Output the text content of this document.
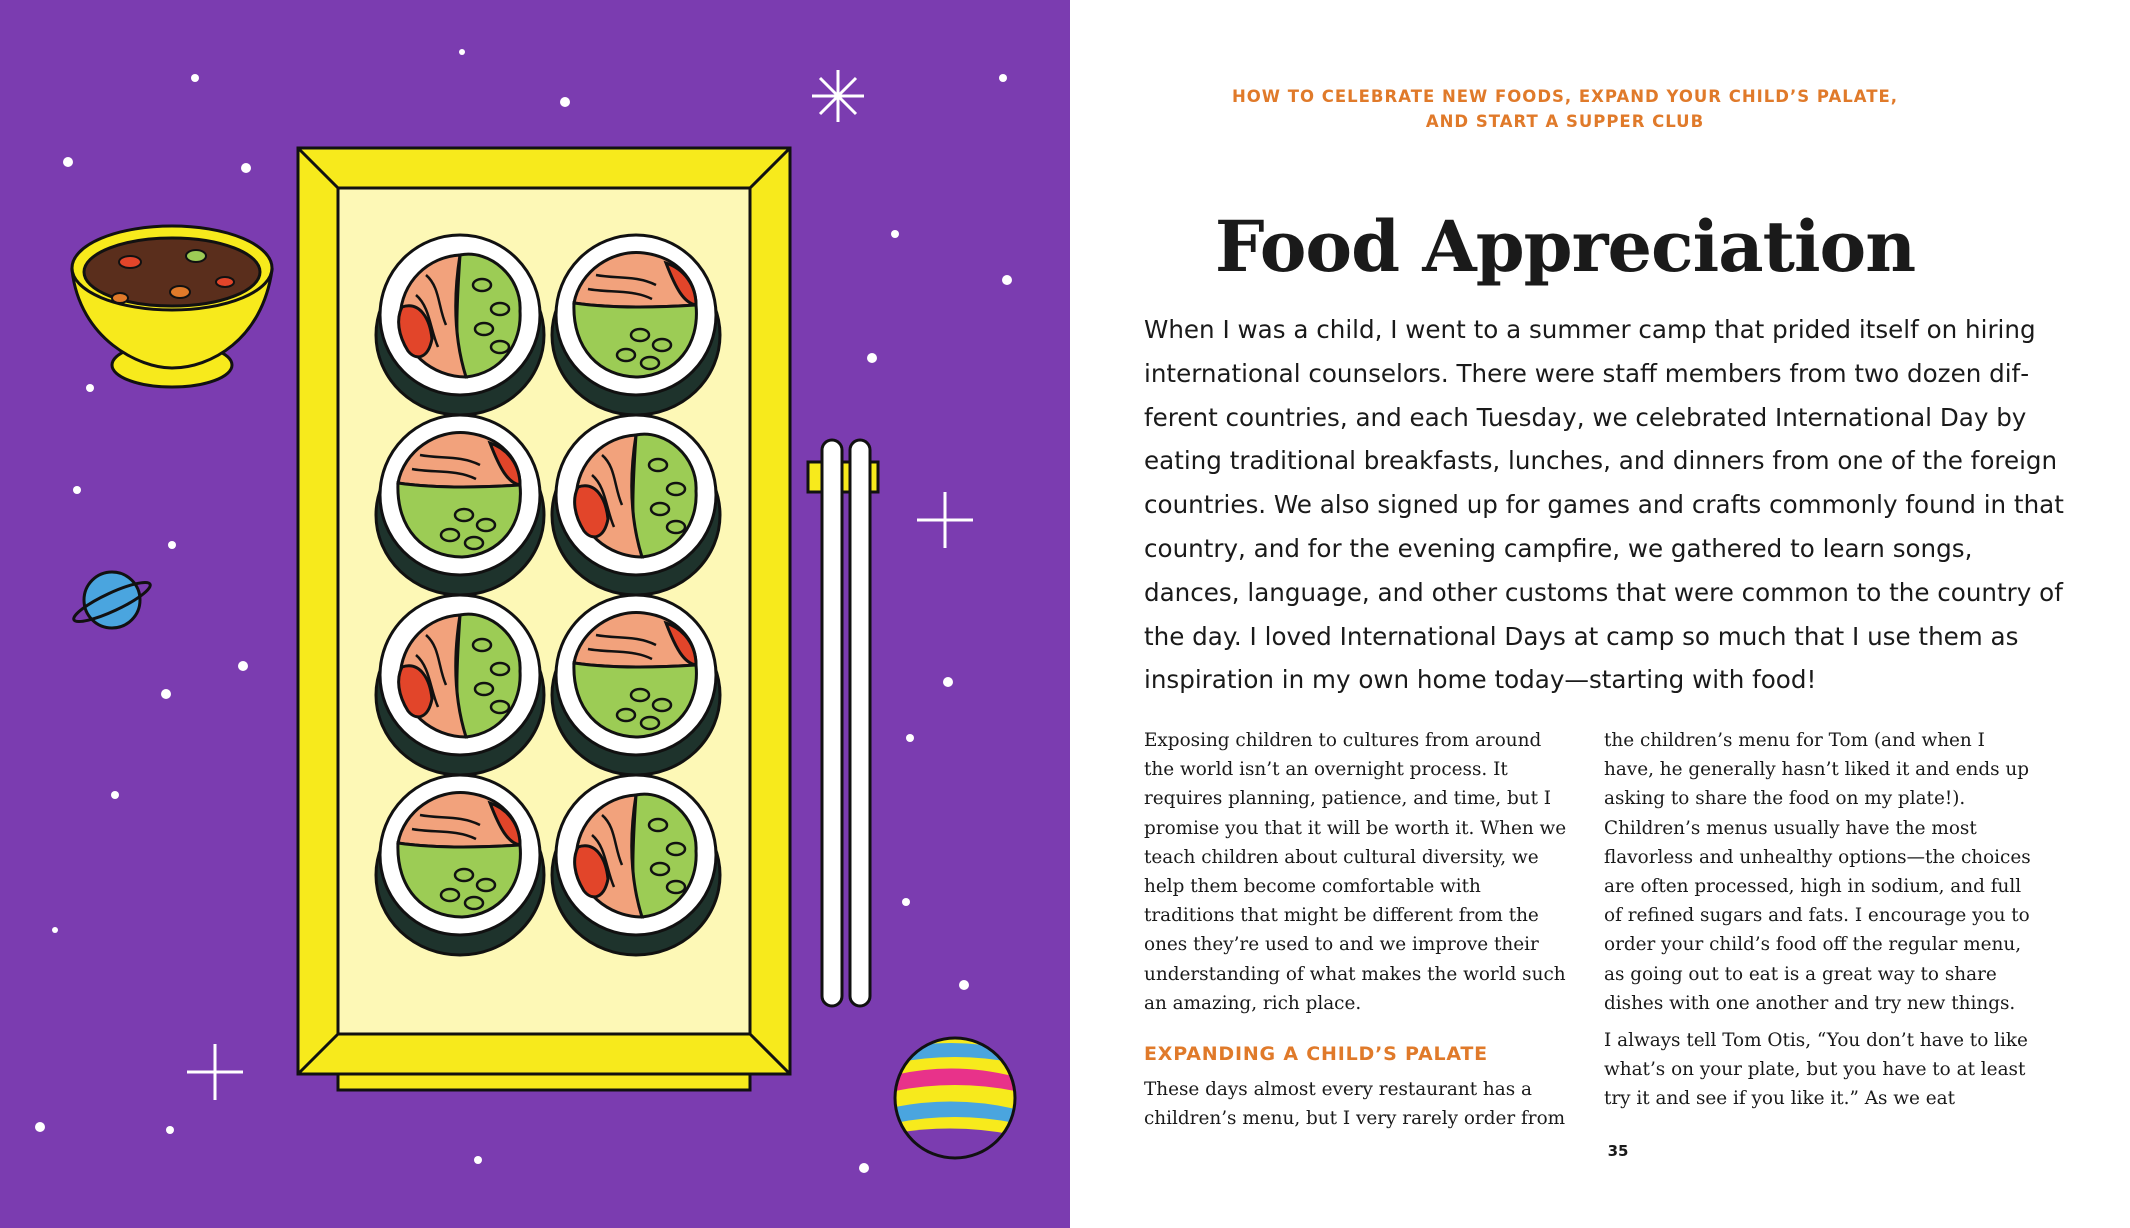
HOW TO CELEBRATE NEW FOODS, EXPAND YOUR CHILD’S PALATE,
AND START A SUPPER CLUB
Food Appreciation

When I was a child, I went to a summer camp that prided itself on hiring international counselors. There were staff members from two dozen different countries, and each Tuesday, we celebrated International Day by eating traditional breakfasts, lunches, and dinners from one of the foreign countries. We also signed up for games and crafts commonly found in that country, and for the evening campfire, we gathered to learn songs, dances, language, and other customs that were common to the country of the day. I loved International Days at camp so much that I use them as inspiration in my own home today—starting with food!

Exposing children to cultures from around the world isn’t an overnight process. It requires planning, patience, and time, but I promise you that it will be worth it. When we teach children about cultural diversity, we help them become comfortable with traditions that might be different from the ones they’re used to and we improve their understanding of what makes the world such an amazing, rich place.

EXPANDING A CHILD’S PALATE

These days almost every restaurant has a children’s menu, but I very rarely order from

the children’s menu for Tom (and when I have, he generally hasn’t liked it and ends up asking to share the food on my plate!). Children’s menus usually have the most flavorless and unhealthy options—the choices are often processed, high in sodium, and full of refined sugars and fats. I encourage you to order your child’s food off the regular menu, as going out to eat is a great way to share dishes with one another and try new things.

I always tell Tom Otis, “You don’t have to like what’s on your plate, but you have to at least try it and see if you like it.” As we eat

35
